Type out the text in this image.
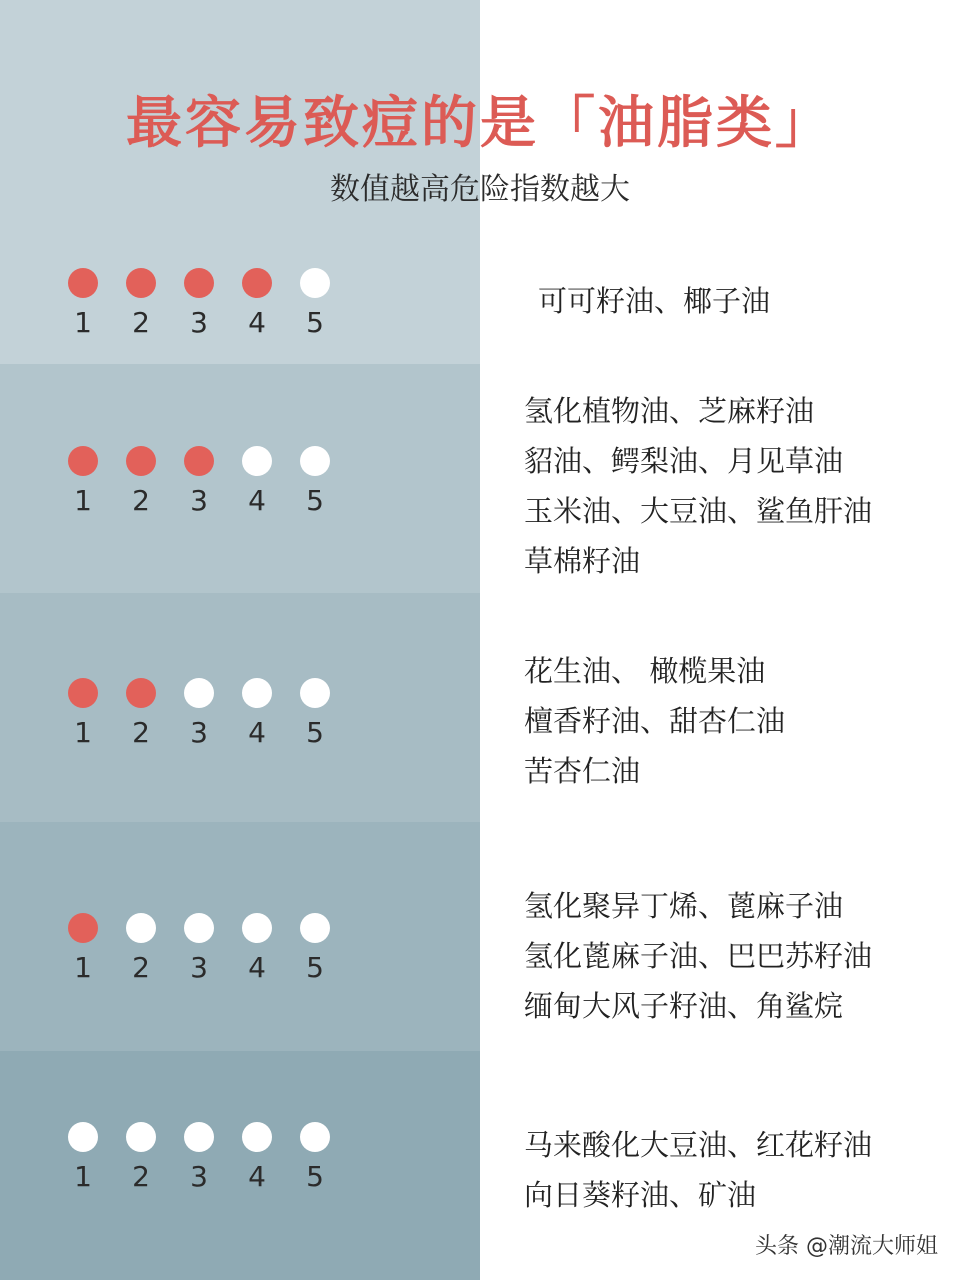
最容易致痘的是「油脂类」

数值越高危险指数越大

1	2	3	4	5
可可籽油、椰子油
1	2	3	4	5
氢化植物油、芝麻籽油
貂油、鳄梨油、月见草油
玉米油、大豆油、鲨鱼肝油
草棉籽油
1	2	3	4	5
花生油、 橄榄果油
檀香籽油、甜杏仁油
苦杏仁油
1	2	3	4	5
氢化聚异丁烯、蓖麻子油
氢化蓖麻子油、巴巴苏籽油
缅甸大风子籽油、角鲨烷
1	2	3	4	5
马来酸化大豆油、红花籽油
向日葵籽油、矿油
头条 @潮流大师姐
